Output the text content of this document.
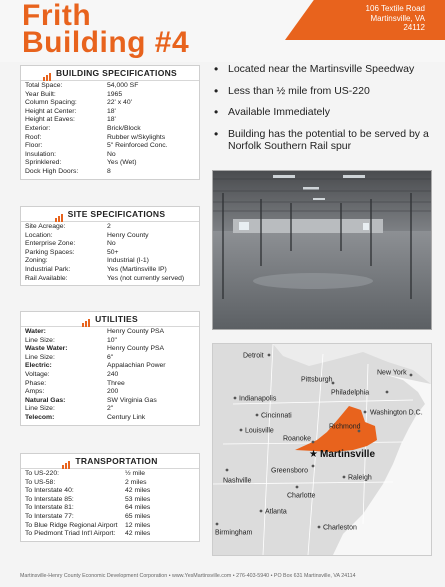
Frith
Building #4
106 Textile Road
Martinsville, VA
24112
BUILDING SPECIFICATIONS
Total Space:	54,000 SF
Year Built:	1965
Column Spacing:	22' x 40'
Height at Center:	18'
Height at Eaves:	18'
Exterior:	Brick/Block
Roof:	Rubber w/Skylights
Floor:	5" Reinforced Conc.
Insulation:	No
Sprinklered:	Yes (Wet)
Dock High Doors:	8
SITE SPECIFICATIONS
Site Acreage:	2
Location:	Henry County
Enterprise Zone:	No
Parking Spaces:	50+
Zoning:	Industrial (I-1)
Industrial Park:	Yes (Martinsville IP)
Rail Available:	Yes (not currently served)
UTILITIES
Water:	Henry County PSA
Line Size:	10"
Waste Water:	Henry County PSA
Line Size:	6"
Electric:	Appalachian Power
Voltage:	240
Phase:	Three
Amps:	200
Natural Gas:	SW Virginia Gas
Line Size:	2"
Telecom:	Century Link
TRANSPORTATION
To US-220:	½ mile
To US-58:	2 miles
To Interstate 40:	42 miles
To Interstate 85:	53 miles
To Interstate 81:	64 miles
To Interstate 77:	65 miles
To Blue Ridge Regional Airport	12 miles
To Piedmont Triad Int'l Airport:	42 miles
• Located near the Martinsville Speedway
• Less than ½ mile from US-220
• Available Immediately
• Building has the potential to be served by a Norfolk Southern Rail spur
Detroit
New York
Pittsburgh
Philadelphia
Indianapolis
Washington D.C.
Cincinnati
Louisville
Richmond
Roanoke
Greensboro
Nashville	Raleigh
Charlotte
Atlanta
Birmingham
Charleston
★ Martinsville
Martinsville-Henry County Economic Development Corporation • www.YesMartinsville.com • 276-403-5940 • PO Box 631 Martinsville, VA 24114
